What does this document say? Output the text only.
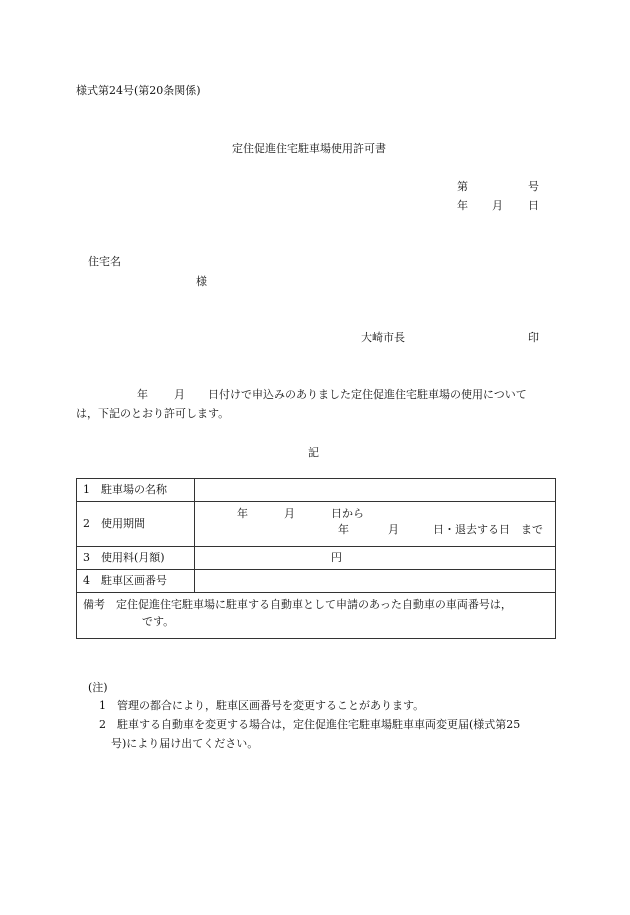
様式第24号(第20条関係)
定住促進住宅駐車場使用許可書
第	号
年 月 日
住宅名
様
大崎市長	印
年 月 日付けで申込みのありました定住促進住宅駐車場の使用について
は，下記のとおり許可します。
記
1　駐車場の名称
2　使用期間
年	月	日から
年	月	日・退去する日　まで
3　使用料(月額)	円
4　駐車区画番号
備考　定住促進住宅駐車場に駐車する自動車として申請のあった自動車の車両番号は，
です。
(注)
1　管理の都合により，駐車区画番号を変更することがあります。
2　駐車する自動車を変更する場合は，定住促進住宅駐車場駐車車両変更届(様式第25
号)により届け出てください。
